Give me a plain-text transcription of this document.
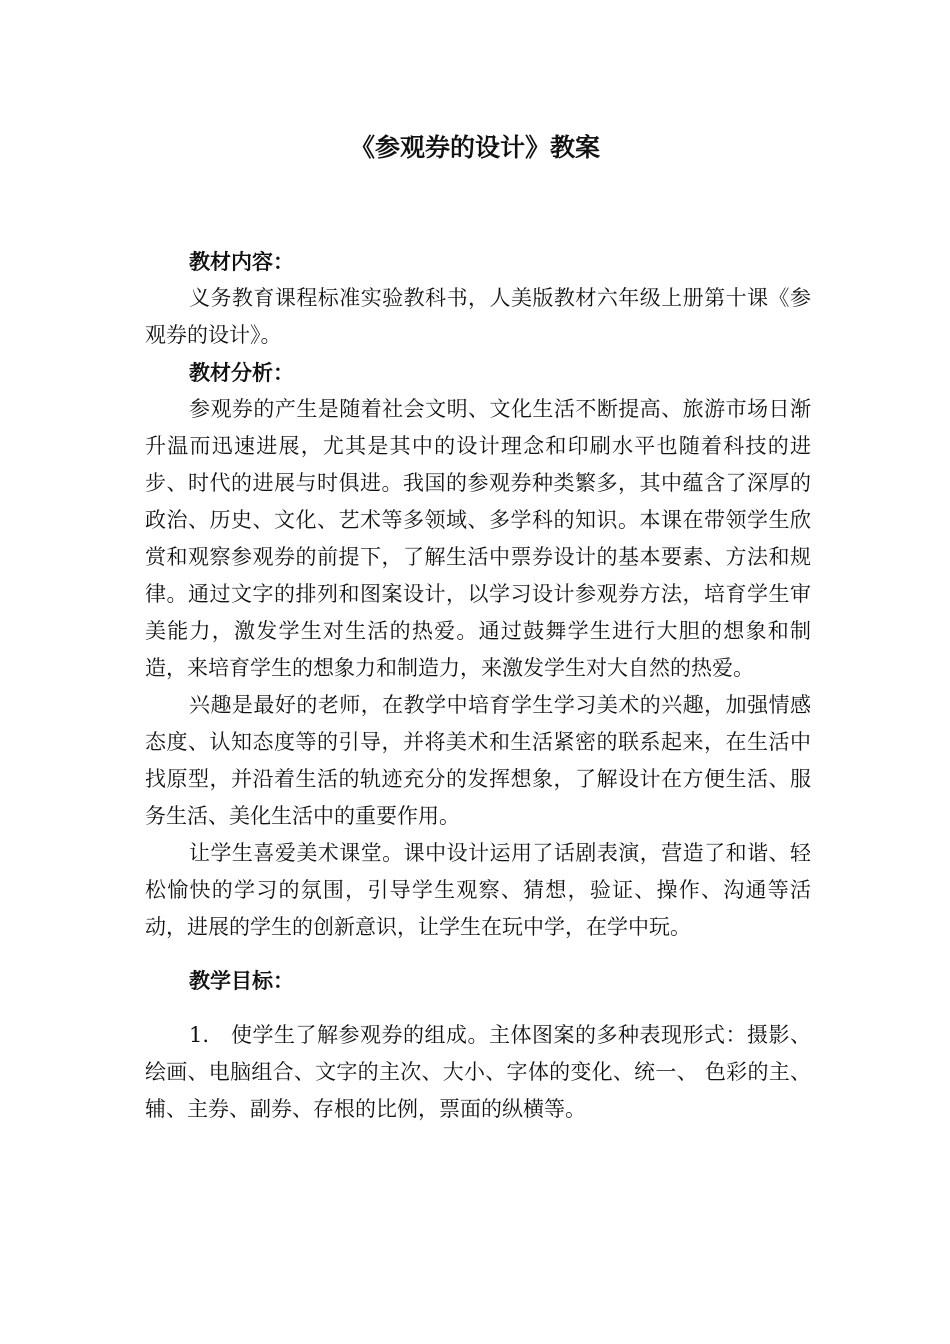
《参观券的设计》教案

教材内容：

义务教育课程标准实验教科书，人美版教材六年级上册第十课《参观券的设计》。

教材分析：

参观券的产生是随着社会文明、文化生活不断提高、旅游市场日渐升温而迅速进展，尤其是其中的设计理念和印刷水平也随着科技的进步、时代的进展与时俱进。我国的参观券种类繁多，其中蕴含了深厚的政治、历史、文化、艺术等多领域、多学科的知识。本课在带领学生欣赏和观察参观券的前提下，了解生活中票券设计的基本要素、方法和规律。通过文字的排列和图案设计，以学习设计参观券方法，培育学生审美能力，激发学生对生活的热爱。通过鼓舞学生进行大胆的想象和制造，来培育学生的想象力和制造力，来激发学生对大自然的热爱。

兴趣是最好的老师，在教学中培育学生学习美术的兴趣，加强情感 态度、认知态度等的引导，并将美术和生活紧密的联系起来，在生活中找原型，并沿着生活的轨迹充分的发挥想象，了解设计在方便生活、服务生活、美化生活中的重要作用。

让学生喜爱美术课堂。课中设计运用了话剧表演，营造了和谐、轻松愉快的学习的氛围，引导学生观察、猜想，验证、操作、沟通等活动，进展的学生的创新意识，让学生在玩中学，在学中玩。

教学目标：

1.　使学生了解参观券的组成。主体图案的多种表现形式：摄影、绘画、电脑组合、文字的主次、大小、字体的变化、统一、 色彩的主、辅、主券、副券、存根的比例，票面的纵横等。
